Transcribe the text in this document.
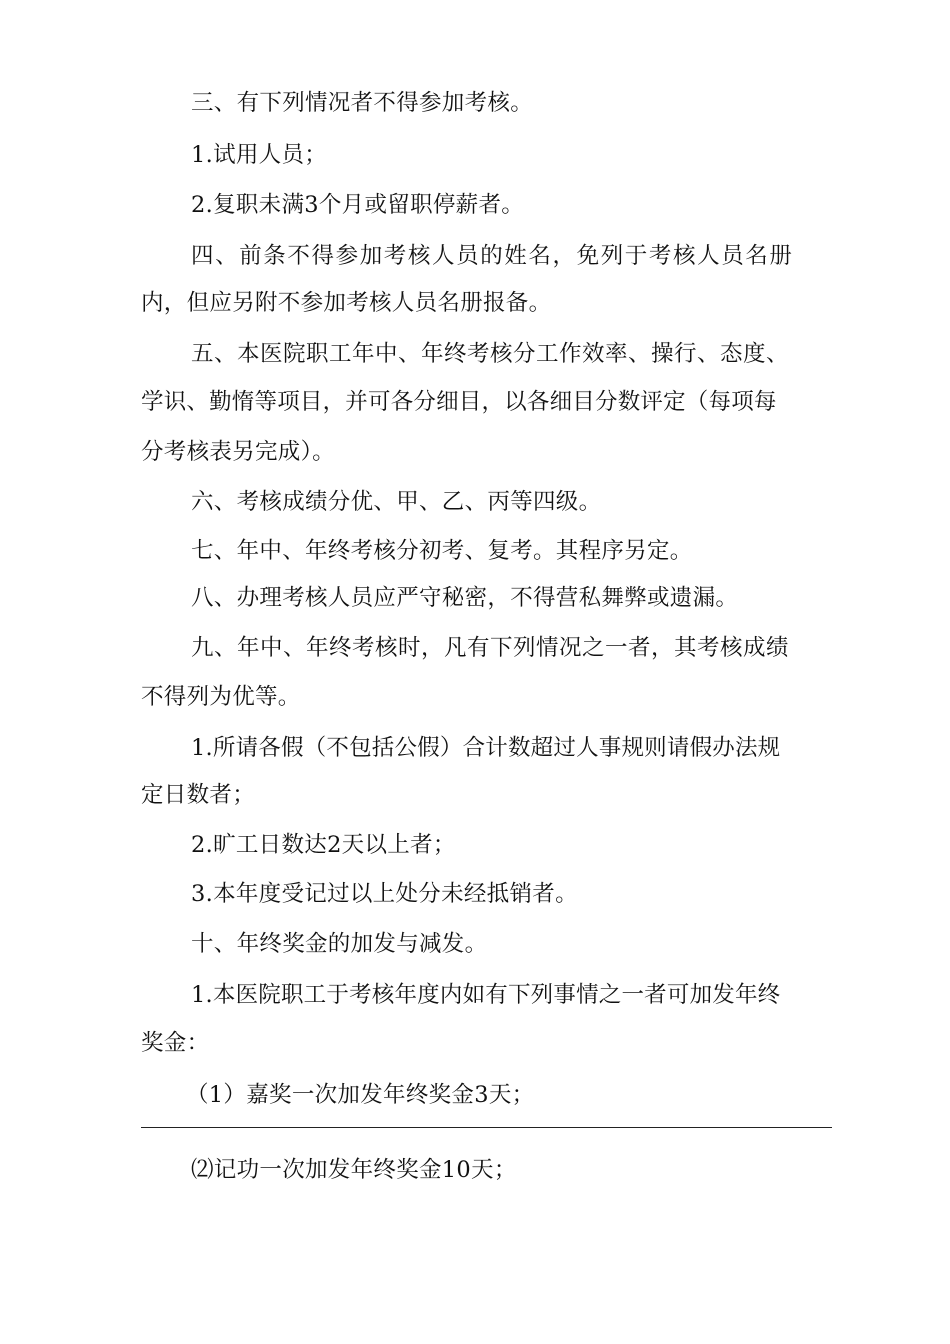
三、有下列情况者不得参加考核。

1.试用人员；

2.复职未满3个月或留职停薪者。

四、前条不得参加考核人员的姓名，免列于考核人员名册

内，但应另附不参加考核人员名册报备。

五、本医院职工年中、年终考核分工作效率、操行、态度、

学识、勤惰等项目，并可各分细目，以各细目分数评定（每项每

分考核表另完成）。

六、考核成绩分优、甲、乙、丙等四级。

七、年中、年终考核分初考、复考。其程序另定。

八、办理考核人员应严守秘密，不得营私舞弊或遗漏。

九、年中、年终考核时，凡有下列情况之一者，其考核成绩

不得列为优等。

1.所请各假（不包括公假）合计数超过人事规则请假办法规

定日数者；

2.旷工日数达2天以上者；

3.本年度受记过以上处分未经抵销者。

十、年终奖金的加发与减发。

1.本医院职工于考核年度内如有下列事情之一者可加发年终

奖金：

（1）嘉奖一次加发年终奖金3天；

⑵记功一次加发年终奖金10天；
